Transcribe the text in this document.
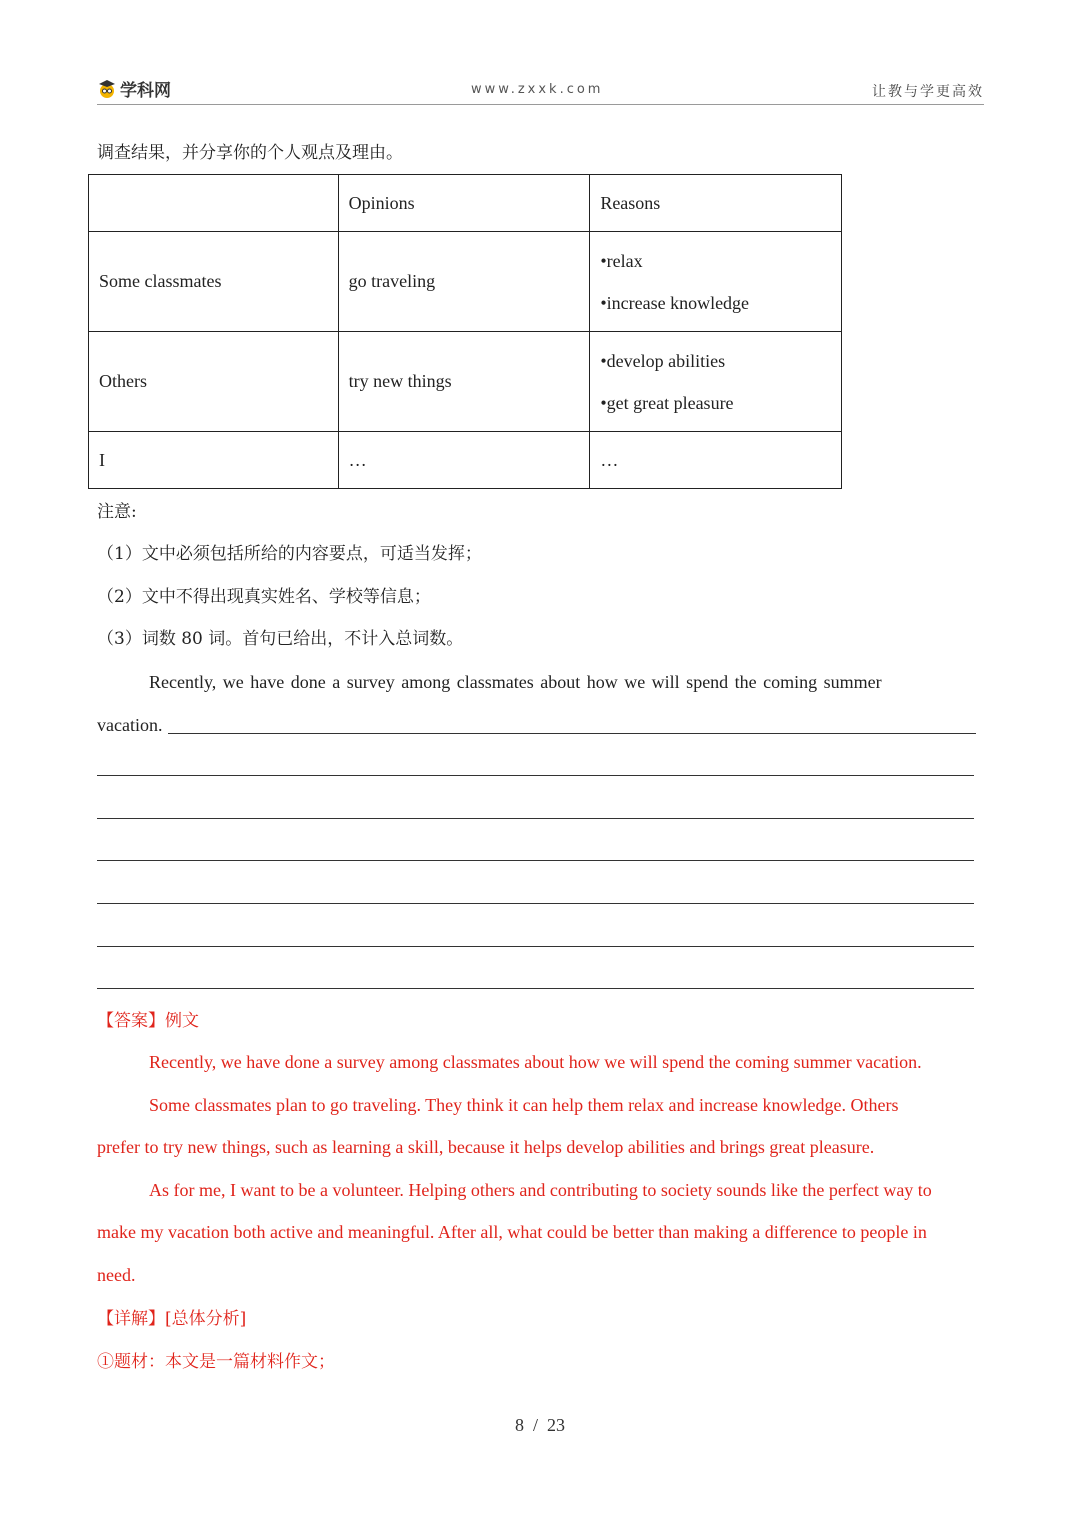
学科网	www.zxxk.com	让教与学更高效
调查结果，并分享你的个人观点及理由。
	Opinions	Reasons
Some classmates	go traveling	•relax
•increase knowledge

Others	try new things	•develop abilities
•get great pleasure

I	…	…
注意:
（1）文中必须包括所给的内容要点，可适当发挥；
（2）文中不得出现真实姓名、学校等信息；
（3）词数 80 词。首句已给出，不计入总词数。
Recently, we have done a survey among classmates about how we will spend the coming summer
vacation.
【答案】例文
Recently, we have done a survey among classmates about how we will spend the coming summer vacation.
Some classmates plan to go traveling. They think it can help them relax and increase knowledge. Others
prefer to try new things, such as learning a skill, because it helps develop abilities and brings great pleasure.
As for me, I want to be a volunteer. Helping others and contributing to society sounds like the perfect way to
make my vacation both active and meaningful. After all, what could be better than making a difference to people in
need.
【详解】[总体分析]
①题材：本文是一篇材料作文；
8  /  23
